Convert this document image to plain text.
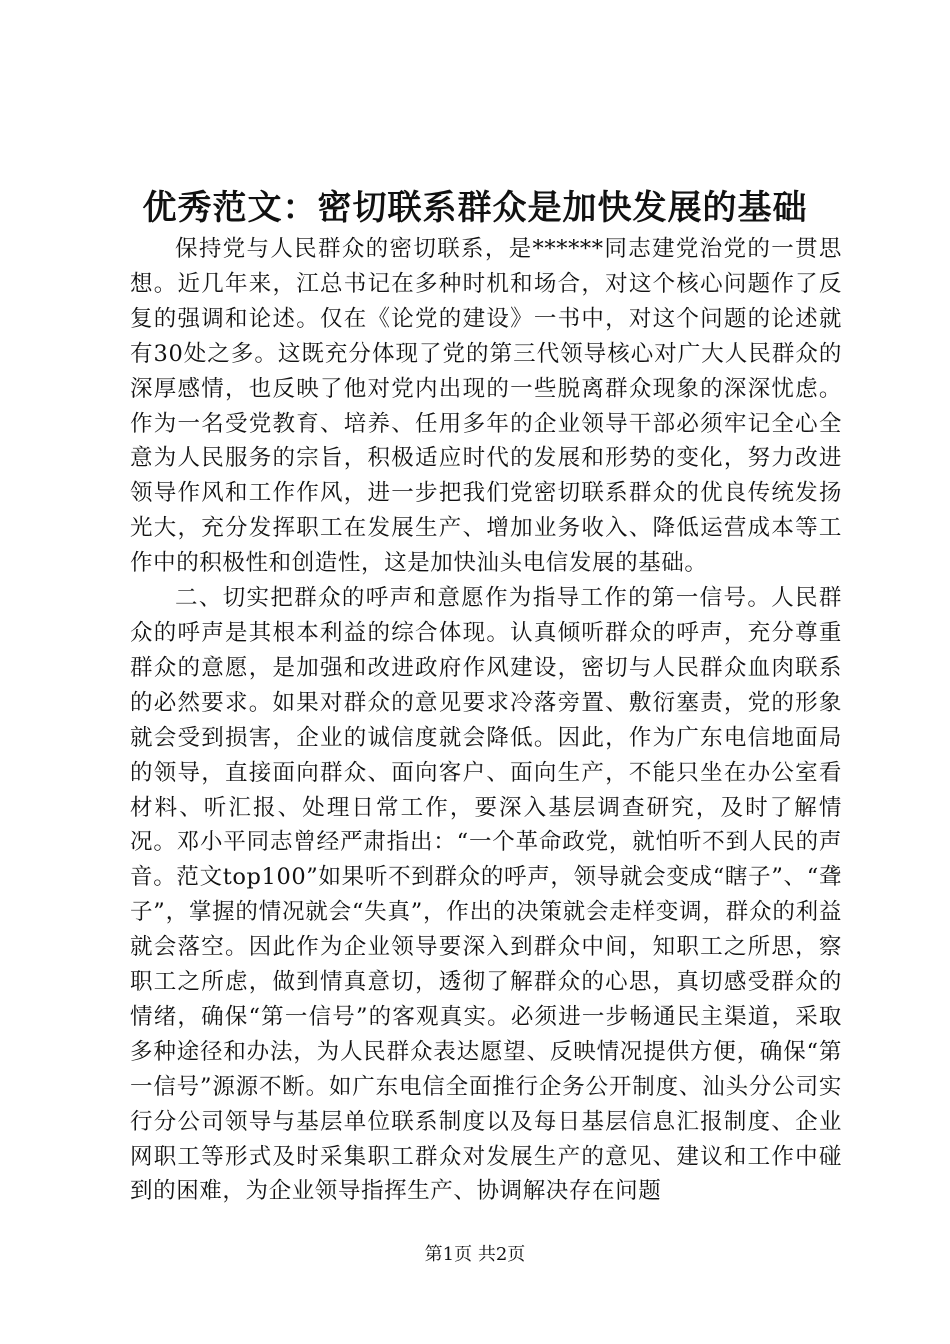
优秀范文：密切联系群众是加快发展的基础

保持党与人民群众的密切联系，是******同志建党治党的一贯思想。近几年来，江总书记在多种时机和场合，对这个核心问题作了反复的强调和论述。仅在《论党的建设》一书中，对这个问题的论述就有30处之多。这既充分体现了党的第三代领导核心对广大人民群众的深厚感情，也反映了他对党内出现的一些脱离群众现象的深深忧虑。作为一名受党教育、培养、任用多年的企业领导干部必须牢记全心全意为人民服务的宗旨，积极适应时代的发展和形势的变化，努力改进领导作风和工作作风，进一步把我们党密切联系群众的优良传统发扬光大，充分发挥职工在发展生产、增加业务收入、降低运营成本等工作中的积极性和创造性，这是加快汕头电信发展的基础。

二、切实把群众的呼声和意愿作为指导工作的第一信号。人民群众的呼声是其根本利益的综合体现。认真倾听群众的呼声，充分尊重群众的意愿，是加强和改进政府作风建设，密切与人民群众血肉联系的必然要求。如果对群众的意见要求冷落旁置、敷衍塞责，党的形象就会受到损害，企业的诚信度就会降低。因此，作为广东电信地面局的领导，直接面向群众、面向客户、面向生产，不能只坐在办公室看材料、听汇报、处理日常工作，要深入基层调查研究，及时了解情况。邓小平同志曾经严肃指出：“一个革命政党，就怕听不到人民的声音。范文top100”如果听不到群众的呼声，领导就会变成“瞎子”、“聋子”，掌握的情况就会“失真”，作出的决策就会走样变调，群众的利益就会落空。因此作为企业领导要深入到群众中间，知职工之所思，察职工之所虑，做到情真意切，透彻了解群众的心思，真切感受群众的情绪，确保“第一信号”的客观真实。必须进一步畅通民主渠道，采取多种途径和办法，为人民群众表达愿望、反映情况提供方便，确保“第一信号”源源不断。如广东电信全面推行企务公开制度、汕头分公司实行分公司领导与基层单位联系制度以及每日基层信息汇报制度、企业网职工等形式及时采集职工群众对发展生产的意见、建议和工作中碰到的困难，为企业领导指挥生产、协调解决存在问题

第1页 共2页
